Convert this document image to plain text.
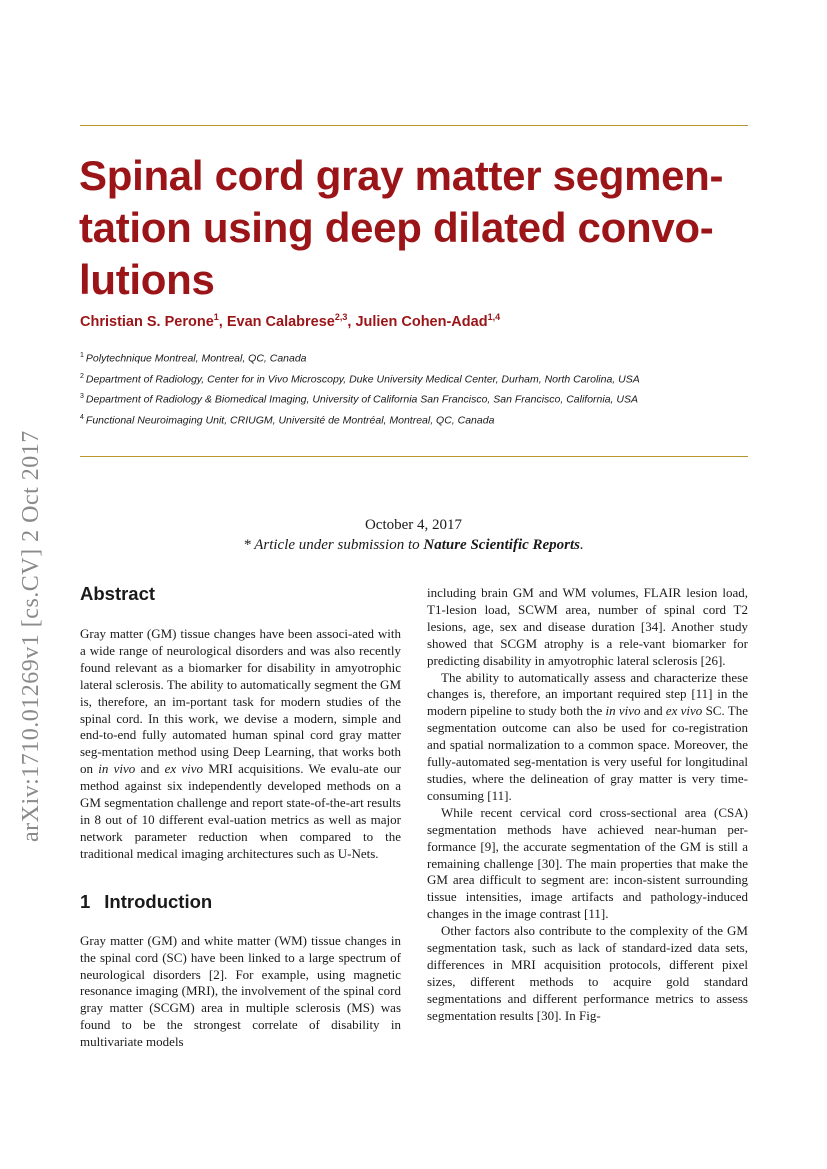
Spinal cord gray matter segmen-
tation using deep dilated convo-
lutions
Christian S. Perone$^1$, Evan Calabrese$^{2,3}$, Julien Cohen-Adad$^{1,4}$
$^1$ Polytechnique Montreal, Montreal, QC, Canada
$^2$ Department of Radiology, Center for in Vivo Microscopy, Duke University Medical Center, Durham, North Carolina, USA
$^3$ Department of Radiology & Biomedical Imaging, University of California San Francisco, San Francisco, California, USA
$^4$ Functional Neuroimaging Unit, CRIUGM, Université de Montréal, Montreal, QC, Canada
arXiv:1710.01269v1 [cs.CV] 2 Oct 2017	October 4, 2017
* Article under submission to Nature Scientific Reports.
Abstract

Gray matter (GM) tissue changes have been associ-ated with a wide range of neurological disorders and was also recently found relevant as a biomarker for disability in amyotrophic lateral sclerosis. The ability to automatically segment the GM is, therefore, an im-portant task for modern studies of the spinal cord. In this work, we devise a modern, simple and end-to-end fully automated human spinal cord gray matter seg-mentation method using Deep Learning, that works both on in vivo and ex vivo MRI acquisitions. We evalu-ate our method against six independently developed methods on a GM segmentation challenge and report state-of-the-art results in 8 out of 10 different eval-uation metrics as well as major network parameter reduction when compared to the traditional medical imaging architectures such as U-Nets.

1 Introduction

Gray matter (GM) and white matter (WM) tissue changes in the spinal cord (SC) have been linked to a large spectrum of neurological disorders [2]. For example, using magnetic resonance imaging (MRI), the involvement of the spinal cord gray matter (SCGM) area in multiple sclerosis (MS) was found to be the strongest correlate of disability in multivariate models

including brain GM and WM volumes, FLAIR lesion load, T1-lesion load, SCWM area, number of spinal cord T2 lesions, age, sex and disease duration [34]. Another study showed that SCGM atrophy is a rele-vant biomarker for predicting disability in amyotrophic lateral sclerosis [26].

The ability to automatically assess and characterize these changes is, therefore, an important required step [11] in the modern pipeline to study both the in vivo and ex vivo SC. The segmentation outcome can also be used for co-registration and spatial normalization to a common space. Moreover, the fully-automated seg-mentation is very useful for longitudinal studies, where the delineation of gray matter is very time-consuming [11].

While recent cervical cord cross-sectional area (CSA) segmentation methods have achieved near-human per-formance [9], the accurate segmentation of the GM is still a remaining challenge [30]. The main properties that make the GM area difficult to segment are: incon-sistent surrounding tissue intensities, image artifacts and pathology-induced changes in the image contrast [11].

Other factors also contribute to the complexity of the GM segmentation task, such as lack of standard-ized data sets, differences in MRI acquisition protocols, different pixel sizes, different methods to acquire gold standard segmentations and different performance metrics to assess segmentation results [30]. In Fig-
